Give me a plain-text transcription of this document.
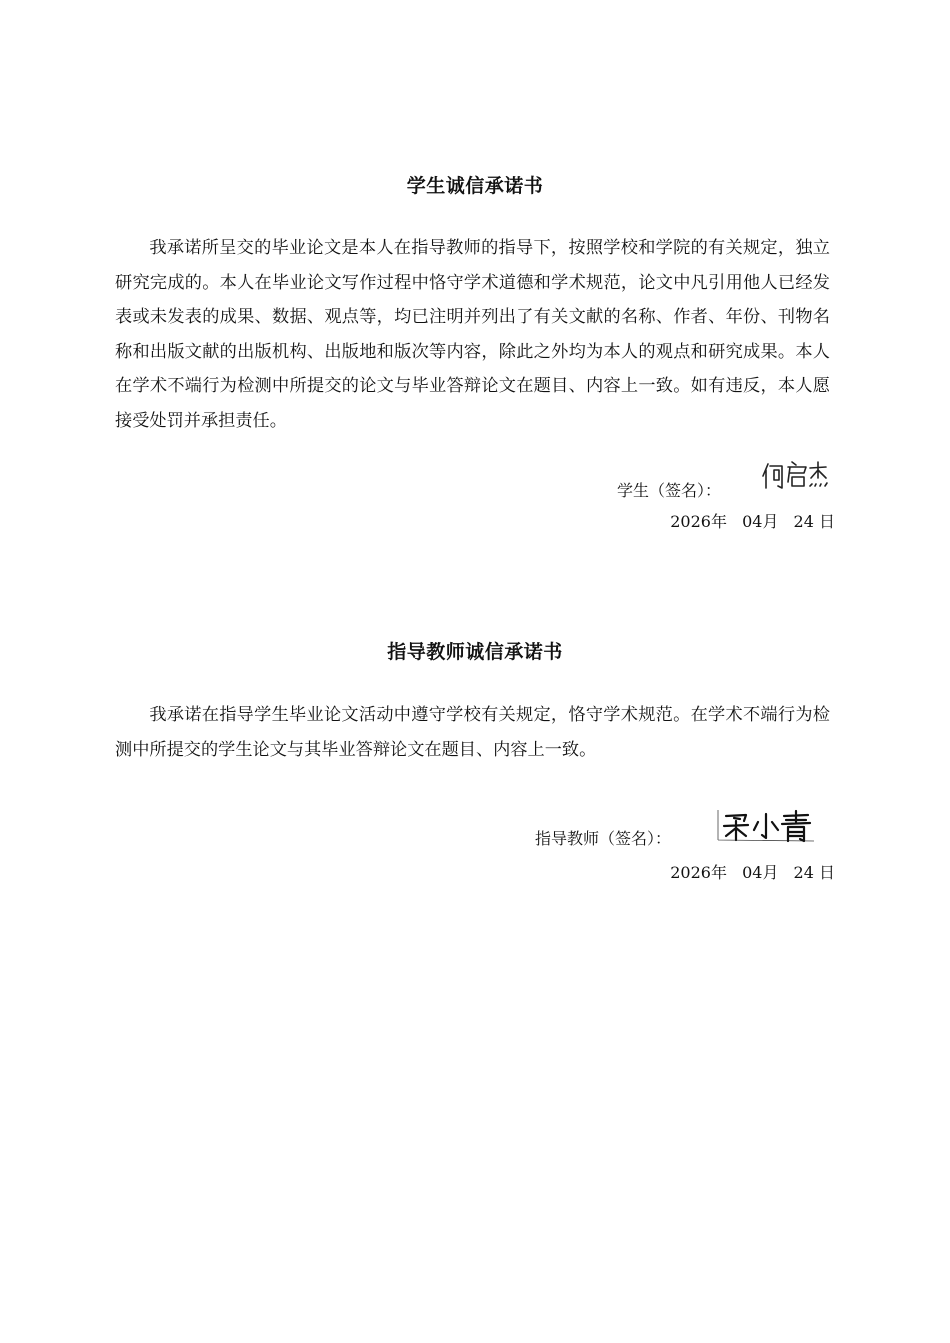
学生诚信承诺书

我承诺所呈交的毕业论文是本人在指导教师的指导下，按照学校和学院的有关规定，独立研究完成的。本人在毕业论文写作过程中恪守学术道德和学术规范，论文中凡引用他人已经发表或未发表的成果、数据、观点等，均已注明并列出了有关文献的名称、作者、年份、刊物名称和出版文献的出版机构、出版地和版次等内容，除此之外均为本人的观点和研究成果。本人在学术不端行为检测中所提交的论文与毕业答辩论文在题目、内容上一致。如有违反，本人愿接受处罚并承担责任。

学生（签名）：
2026年 04月 24 日
指导教师诚信承诺书

我承诺在指导学生毕业论文活动中遵守学校有关规定，恪守学术规范。在学术不端行为检测中所提交的学生论文与其毕业答辩论文在题目、内容上一致。

指导教师（签名）：
2026年 04月 24 日
